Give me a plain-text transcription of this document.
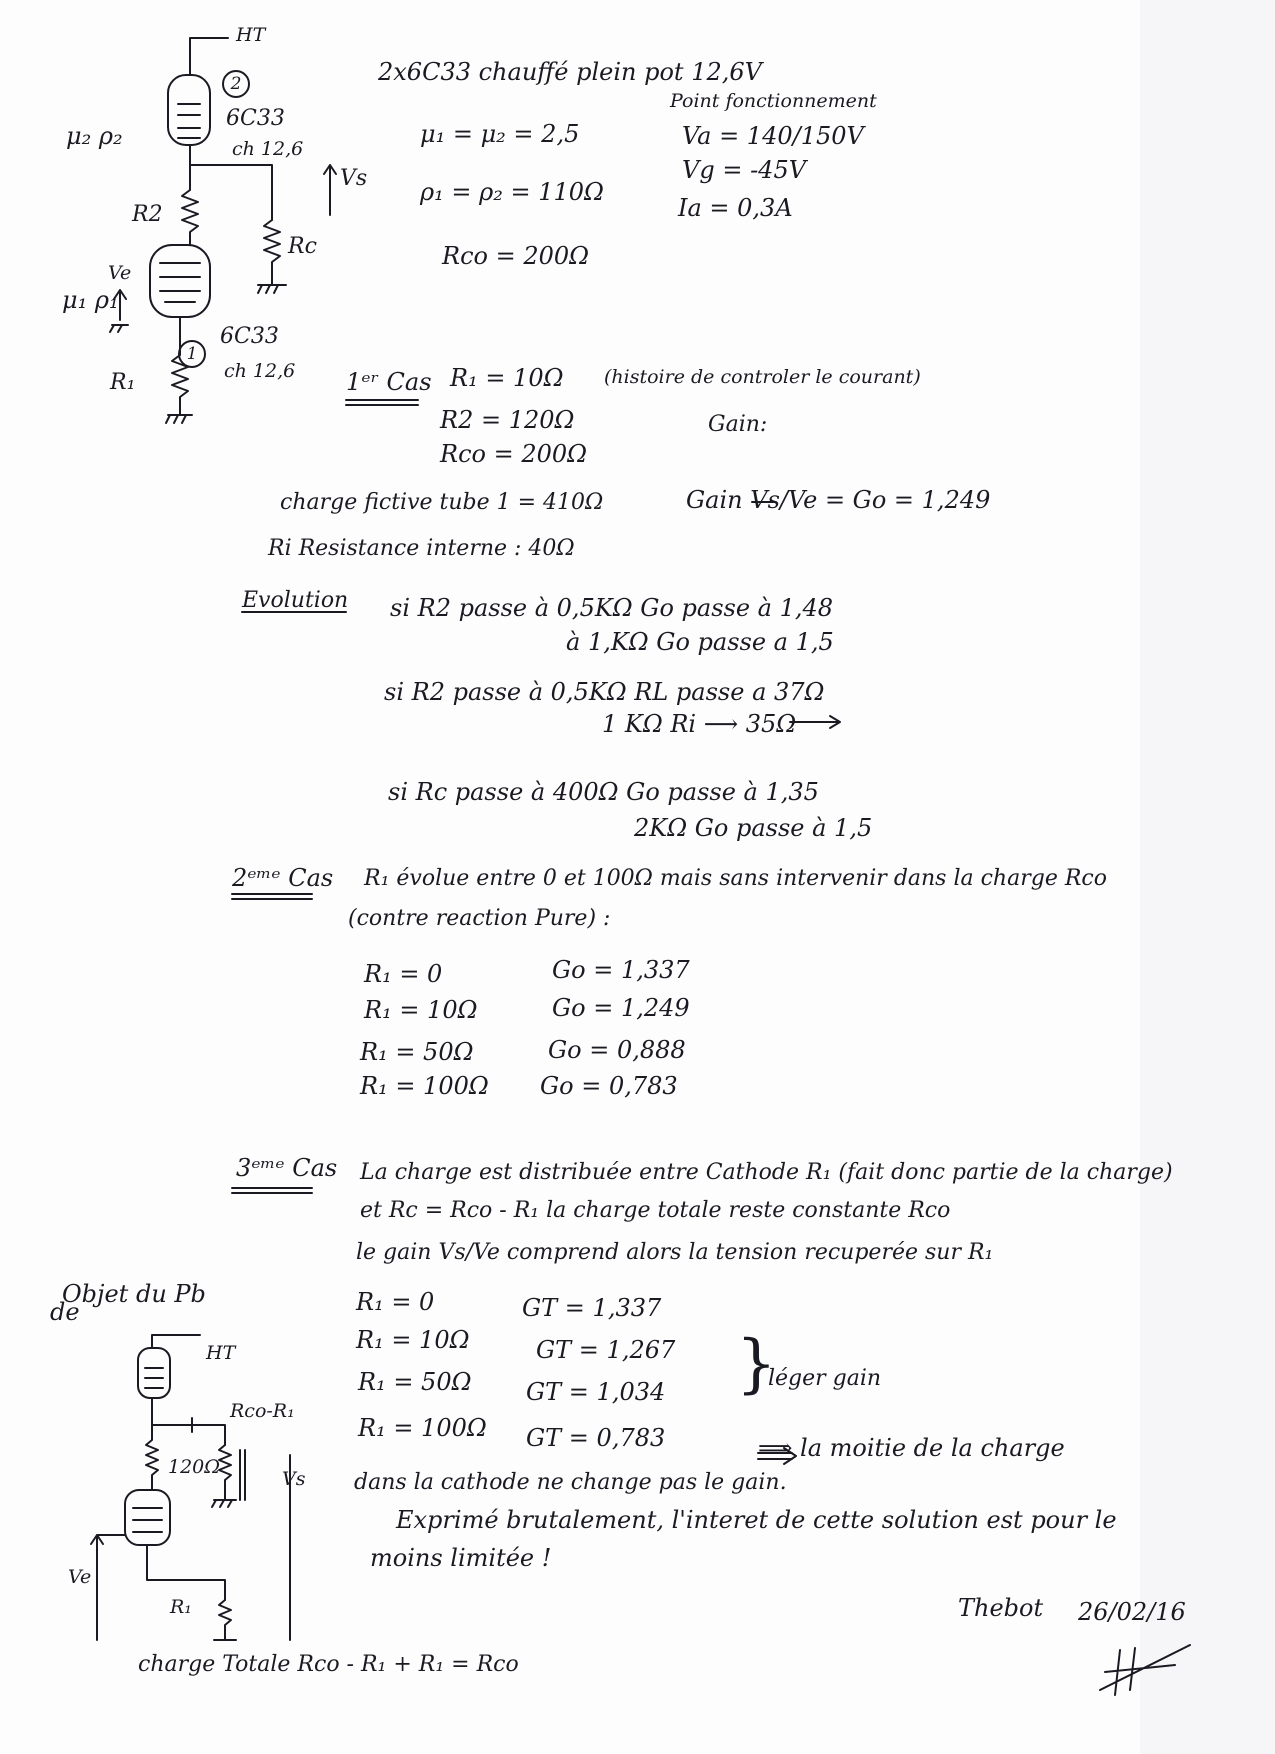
HT
2
6C33
ch 12,6
μ₂ ρ₂
Vs
R2
Rc
Ve
μ₁ ρ₁
1
6C33
ch 12,6
R₁
2x6C33 chauffé plein pot 12,6V
μ₁ = μ₂ = 2,5
ρ₁ = ρ₂ = 110Ω
Rco = 200Ω
Point fonctionnement
Va = 140/150V
Vg = -45V
Ia = 0,3A
1ᵉʳ Cas R₁ = 10Ω (histoire de controler le courant)
R2 = 120Ω	Gain:
Rco = 200Ω
charge fictive tube 1 = 410Ω	Gain Vs/Ve = Go = 1,249
Ri Resistance interne : 40Ω
Evolution si R2 passe à 0,5KΩ Go passe à 1,48
à 1,KΩ Go passe a 1,5
si R2 passe à 0,5KΩ RL passe a 37Ω
1 KΩ Ri ⟶ 35Ω
si Rc passe à 400Ω Go passe à 1,35
2KΩ Go passe à 1,5
2ᵉᵐᵉ Cas R₁ évolue entre 0 et 100Ω mais sans intervenir dans la charge Rco
(contre reaction Pure) :
R₁ = 0	Go = 1,337
R₁ = 10Ω	Go = 1,249
R₁ = 50Ω	Go = 0,888
R₁ = 100Ω Go = 0,783
3ᵉᵐᵉ Cas La charge est distribuée entre Cathode R₁ (fait donc partie de la charge)
et Rc = Rco - R₁ la charge totale reste constante Rco
le gain Vs/Ve comprend alors la tension recuperée sur R₁
R₁ = 0	GT = 1,337
R₁ = 10Ω	GT = 1,267
R₁ = 50Ω GT = 1,034
R₁ = 100Ω GT = 0,783
}
léger gain
⟹ la moitie de la charge
dans la cathode ne change pas le gain.
Exprimé brutalement, l'interet de cette solution est pour le
moins limitée !
Objet du Pb
de
HT
Rco-R₁
120Ω
Vs
Ve
R₁
charge Totale Rco - R₁ + R₁ = Rco
Thebot 26/02/16
